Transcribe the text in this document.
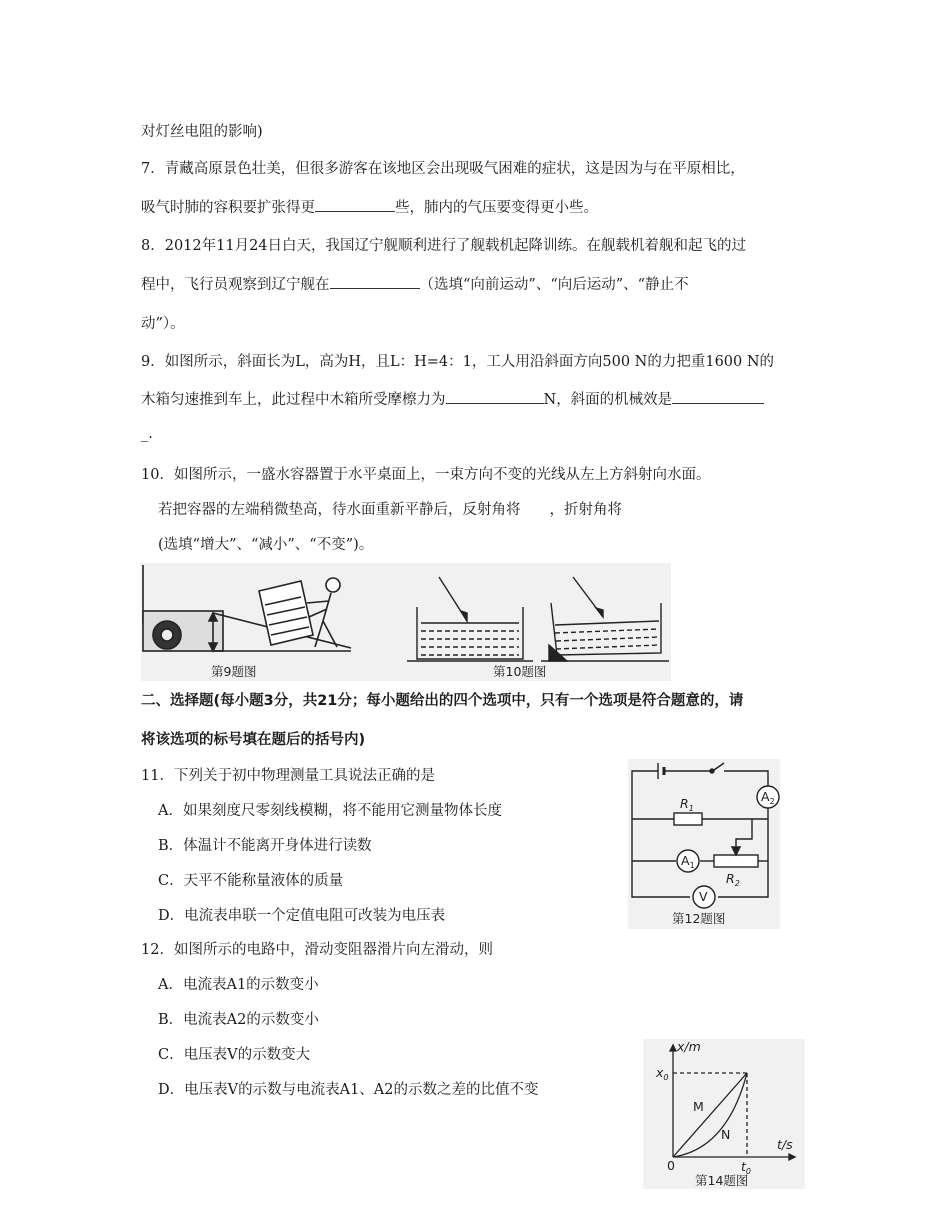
对灯丝电阻的影响)
7．青藏高原景色壮美，但很多游客在该地区会出现吸气困难的症状，这是因为与在平原相比，
吸气时肺的容积要扩张得更	些，肺内的气压要变得更小些。
8．2012年11月24日白天，我国辽宁舰顺利进行了舰载机起降训练。在舰载机着舰和起飞的过
程中，飞行员观察到辽宁舰在	（选填“向前运动”、“向后运动”、“静止不
动”）。
9．如图所示，斜面长为L，高为H，且L：H=4：1，工人用沿斜面方向500 N的力把重1600 N的
木箱匀速推到车上，此过程中木箱所受摩檫力为	N，斜面的机械效是
_.
10．如图所示，一盛水容器置于水平桌面上，一束方向不变的光线从左上方斜射向水面。
若把容器的左端稍微垫高，待水面重新平静后，反射角将　　，折射角将
(选填“增大”、“减小”、“不变”)。
第9题图	第10题图
二、选择题(每小题3分，共21分；每小题给出的四个选项中，只有一个选项是符合题意的，请
将该选项的标号填在题后的括号内)
11．下列关于初中物理测量工具说法正确的是
A．如果刻度尺零刻线模糊，将不能用它测量物体长度
B．体温计不能离开身体进行读数
C．天平不能称量液体的质量
D．电流表串联一个定值电阻可改装为电压表
12．如图所示的电路中，滑动变阻器滑片向左滑动，则
A．电流表A1的示数变小
B．电流表A2的示数变小
C．电压表V的示数变大
D．电压表V的示数与电流表A1、A2的示数之差的比值不变
$A_1$
$A_2$
V
$R_1$
$R_2$
第12题图
x/m
t/s
$x_0$
$t_0$
0
M
N
第14题图
